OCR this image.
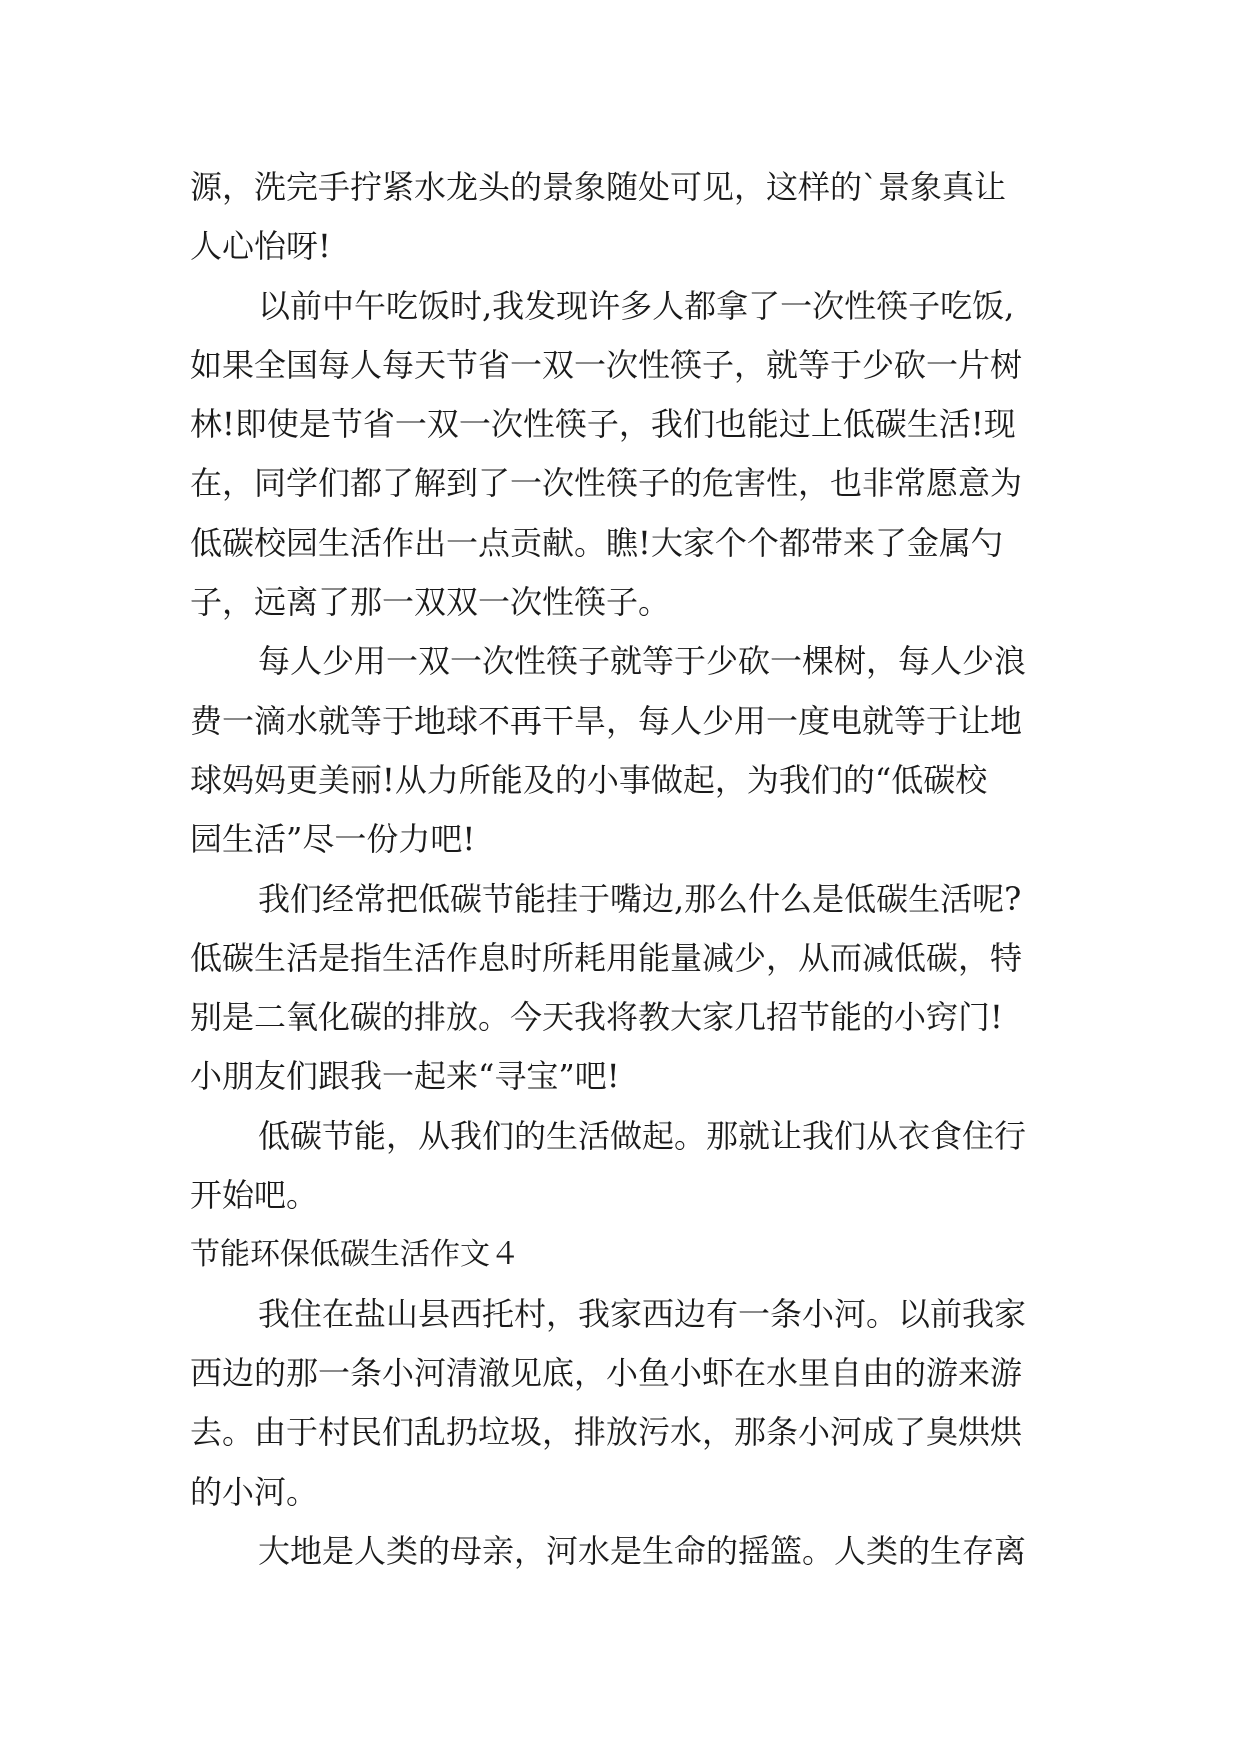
源，洗完手拧紧水龙头的景象随处可见，这样的`景象真让
人心怡呀!
以前中午吃饭时,我发现许多人都拿了一次性筷子吃饭,
如果全国每人每天节省一双一次性筷子，就等于少砍一片树
林!即使是节省一双一次性筷子，我们也能过上低碳生活!现
在，同学们都了解到了一次性筷子的危害性，也非常愿意为
低碳校园生活作出一点贡献。瞧!大家个个都带来了金属勺
子，远离了那一双双一次性筷子。
每人少用一双一次性筷子就等于少砍一棵树，每人少浪
费一滴水就等于地球不再干旱，每人少用一度电就等于让地
球妈妈更美丽!从力所能及的小事做起，为我们的“低碳校
园生活”尽一份力吧!
我们经常把低碳节能挂于嘴边,那么什么是低碳生活呢?
低碳生活是指生活作息时所耗用能量减少，从而减低碳，特
别是二氧化碳的排放。今天我将教大家几招节能的小窍门!
小朋友们跟我一起来“寻宝”吧!
低碳节能，从我们的生活做起。那就让我们从衣食住行
开始吧。
节能环保低碳生活作文４
我住在盐山县西托村，我家西边有一条小河。以前我家
西边的那一条小河清澈见底，小鱼小虾在水里自由的游来游
去。由于村民们乱扔垃圾，排放污水，那条小河成了臭烘烘
的小河。
大地是人类的母亲，河水是生命的摇篮。人类的生存离
